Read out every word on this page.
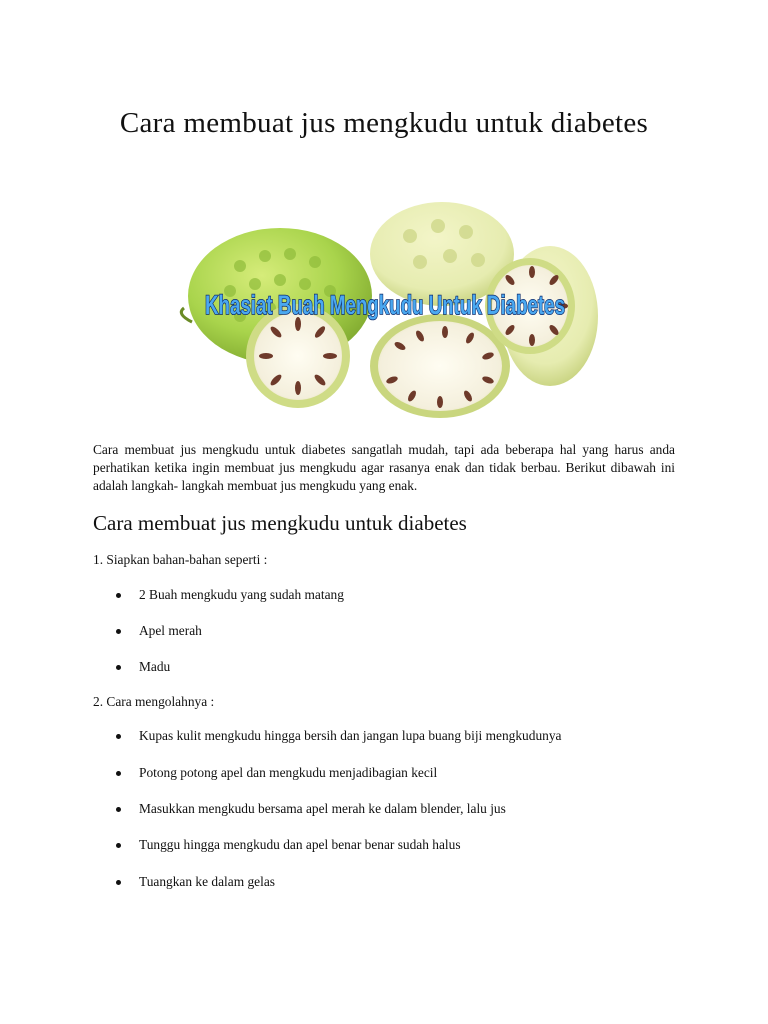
Cara membuat jus mengkudu untuk diabetes
Khasiat Buah Mengkudu Untuk Diabetes

Cara membuat jus mengkudu untuk diabetes sangatlah mudah, tapi ada beberapa hal yang harus anda perhatikan ketika ingin membuat jus mengkudu agar rasanya enak dan tidak berbau. Berikut dibawah ini adalah langkah- langkah membuat jus mengkudu yang enak.

Cara membuat jus mengkudu untuk diabetes

1. Siapkan bahan-bahan seperti :

2 Buah mengkudu yang sudah matang
Apel merah
Madu

2. Cara mengolahnya :

Kupas kulit mengkudu hingga bersih dan jangan lupa buang biji mengkudunya
Potong potong apel dan mengkudu menjadibagian kecil
Masukkan mengkudu bersama apel merah ke dalam blender, lalu jus
Tunggu hingga mengkudu dan apel benar benar sudah halus
Tuangkan ke dalam gelas
